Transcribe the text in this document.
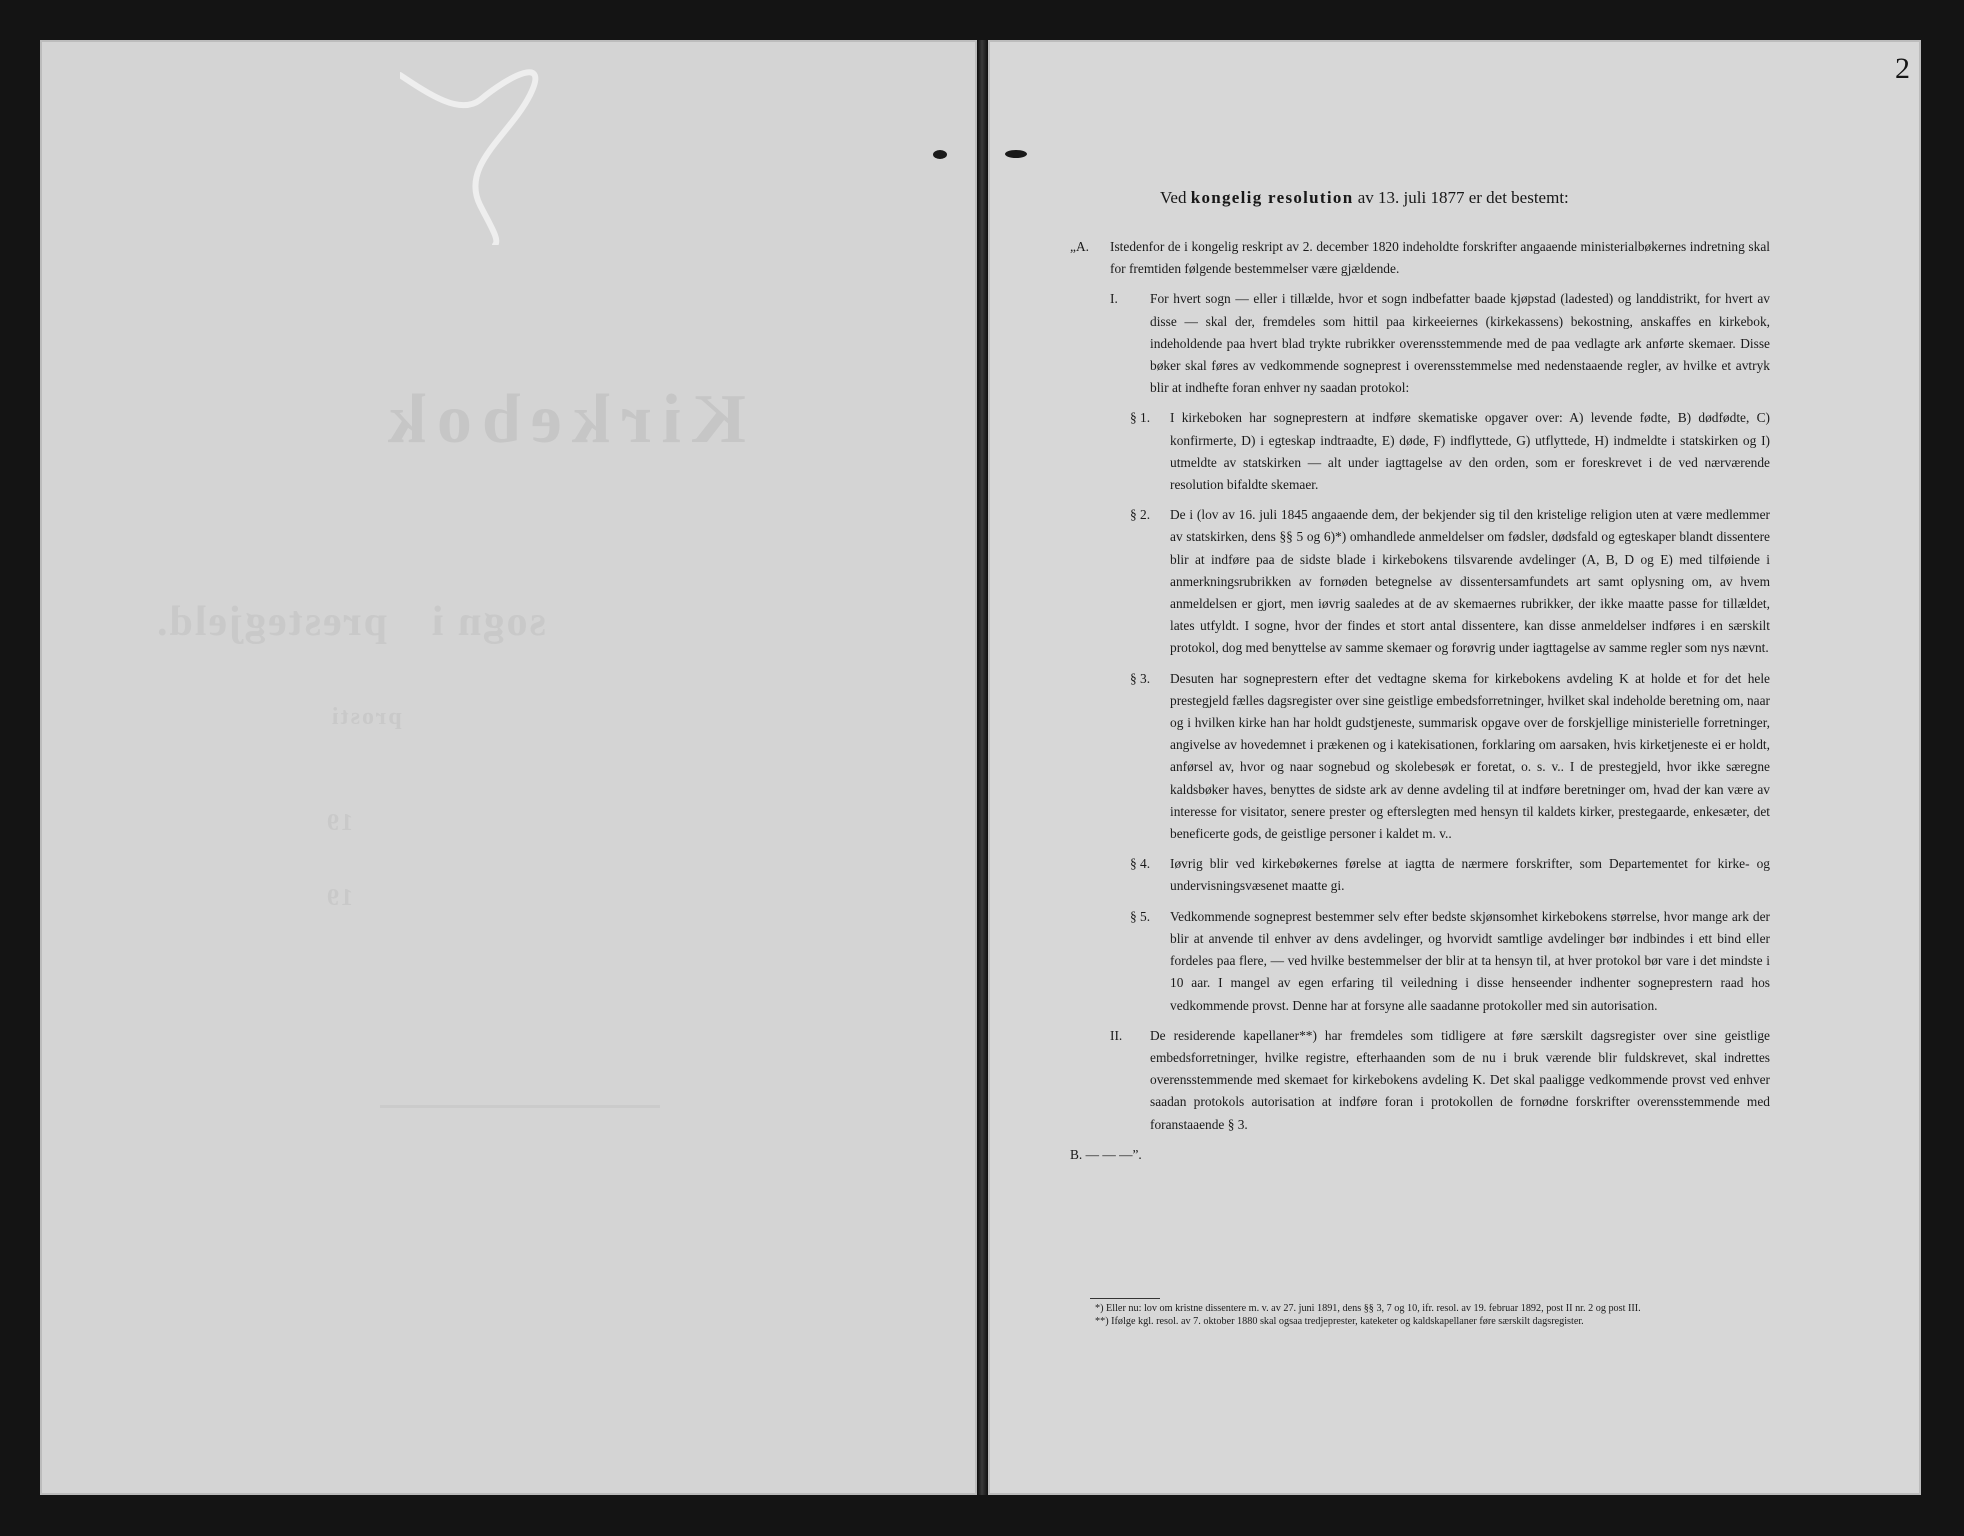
Kirkebok
sogn i
prestegjeld.
prosti
19
19
2
Ved kongelig resolution av 13. juli 1877 er det bestemt:
„A. Istedenfor de i kongelig reskript av 2. december 1820 indeholdte forskrifter angaaende ministerialbøkernes indretning skal for fremtiden følgende bestemmelser være gjældende.

I. For hvert sogn — eller i tillælde, hvor et sogn indbefatter baade kjøpstad (ladested) og landdistrikt, for hvert av disse — skal der, fremdeles som hittil paa kirkeeiernes (kirkekassens) bekostning, anskaffes en kirkebok, indeholdende paa hvert blad trykte rubrikker overensstemmende med de paa vedlagte ark anførte skemaer. Disse bøker skal føres av vedkommende sogneprest i overensstemmelse med nedenstaaende regler, av hvilke et avtryk blir at indhefte foran enhver ny saadan protokol:

§ 1. I kirkeboken har sogneprestern at indføre skematiske opgaver over: A) levende fødte, B) dødfødte, C) konfirmerte, D) i egteskap indtraadte, E) døde, F) indflyttede, G) utflyttede, H) indmeldte i statskirken og I) utmeldte av statskirken — alt under iagttagelse av den orden, som er foreskrevet i de ved nærværende resolution bifaldte skemaer.

§ 2. De i (lov av 16. juli 1845 angaaende dem, der bekjender sig til den kristelige religion uten at være medlemmer av statskirken, dens §§ 5 og 6)*) omhandlede anmeldelser om fødsler, dødsfald og egteskaper blandt dissentere blir at indføre paa de sidste blade i kirkebokens tilsvarende avdelinger (A, B, D og E) med tilføiende i anmerkningsrubrikken av fornøden betegnelse av dissentersamfundets art samt oplysning om, av hvem anmeldelsen er gjort, men iøvrig saaledes at de av skemaernes rubrikker, der ikke maatte passe for tillældet, lates utfyldt. I sogne, hvor der findes et stort antal dissentere, kan disse anmeldelser indføres i en særskilt protokol, dog med benyttelse av samme skemaer og forøvrig under iagttagelse av samme regler som nys nævnt.

§ 3. Desuten har sogneprestern efter det vedtagne skema for kirkebokens avdeling K at holde et for det hele prestegjeld fælles dagsregister over sine geistlige embedsforretninger, hvilket skal indeholde beretning om, naar og i hvilken kirke han har holdt gudstjeneste, summarisk opgave over de forskjellige ministerielle forretninger, angivelse av hovedemnet i prækenen og i katekisationen, forklaring om aarsaken, hvis kirketjeneste ei er holdt, anførsel av, hvor og naar sognebud og skolebesøk er foretat, o. s. v.. I de prestegjeld, hvor ikke særegne kaldsbøker haves, benyttes de sidste ark av denne avdeling til at indføre beretninger om, hvad der kan være av interesse for visitator, senere prester og efterslegten med hensyn til kaldets kirker, prestegaarde, enkesæter, det beneficerte gods, de geistlige personer i kaldet m. v..

§ 4. Iøvrig blir ved kirkebøkernes førelse at iagtta de nærmere forskrifter, som Departementet for kirke- og undervisningsvæsenet maatte gi.

§ 5. Vedkommende sogneprest bestemmer selv efter bedste skjønsomhet kirkebokens størrelse, hvor mange ark der blir at anvende til enhver av dens avdelinger, og hvorvidt samtlige avdelinger bør indbindes i ett bind eller fordeles paa flere, — ved hvilke bestemmelser der blir at ta hensyn til, at hver protokol bør vare i det mindste i 10 aar. I mangel av egen erfaring til veiledning i disse henseender indhenter sogneprestern raad hos vedkommende provst. Denne har at forsyne alle saadanne protokoller med sin autorisation.

II. De residerende kapellaner**) har fremdeles som tidligere at føre særskilt dagsregister over sine geistlige embedsforretninger, hvilke registre, efterhaanden som de nu i bruk værende blir fuldskrevet, skal indrettes overensstemmende med skemaet for kirkebokens avdeling K. Det skal paaligge vedkommende provst ved enhver saadan protokols autorisation at indføre foran i protokollen de fornødne forskrifter overensstemmende med foranstaaende § 3.

B. — — —”.

*) Eller nu: lov om kristne dissentere m. v. av 27. juni 1891, dens §§ 3, 7 og 10, ifr. resol. av 19. februar 1892, post II nr. 2 og post III.
**) Ifølge kgl. resol. av 7. oktober 1880 skal ogsaa tredjeprester, kateketer og kaldskapellaner føre særskilt dagsregister.
